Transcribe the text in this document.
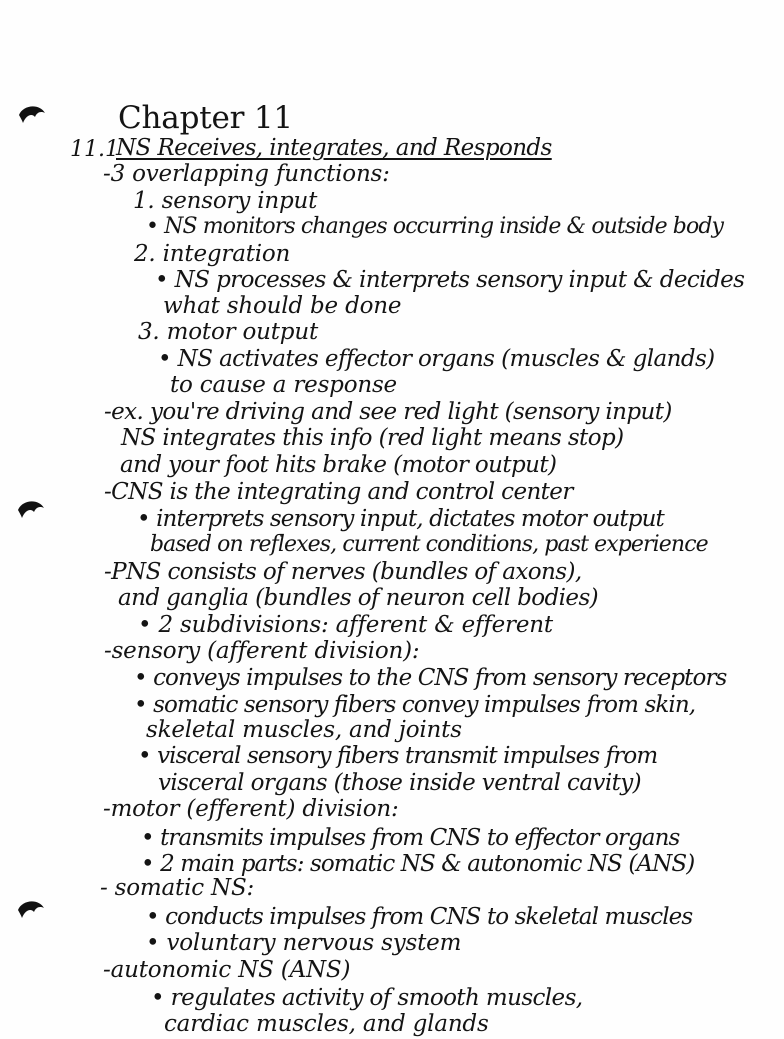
Chapter 11
11.1
NS Receives, integrates, and Responds
-3 overlapping functions:
1. sensory input
• NS monitors changes occurring inside & outside body
2. integration
• NS processes & interprets sensory input & decides
what should be done
3. motor output
• NS activates effector organs (muscles & glands)
to cause a response
-ex. you're driving and see red light (sensory input)
NS integrates this info (red light means stop)
and your foot hits brake (motor output)
-CNS is the integrating and control center
• interprets sensory input, dictates motor output
based on reflexes, current conditions, past experience
-PNS consists of nerves (bundles of axons),
and ganglia (bundles of neuron cell bodies)
• 2 subdivisions: afferent & efferent
-sensory (afferent division):
• conveys impulses to the CNS from sensory receptors
• somatic sensory fibers convey impulses from skin,
skeletal muscles, and joints
• visceral sensory fibers transmit impulses from
visceral organs (those inside ventral cavity)
-motor (efferent) division:
• transmits impulses from CNS to effector organs
• 2 main parts: somatic NS & autonomic NS (ANS)
- somatic NS:
• conducts impulses from CNS to skeletal muscles
• voluntary nervous system
-autonomic NS (ANS)
• regulates activity of smooth muscles,
cardiac muscles, and glands
